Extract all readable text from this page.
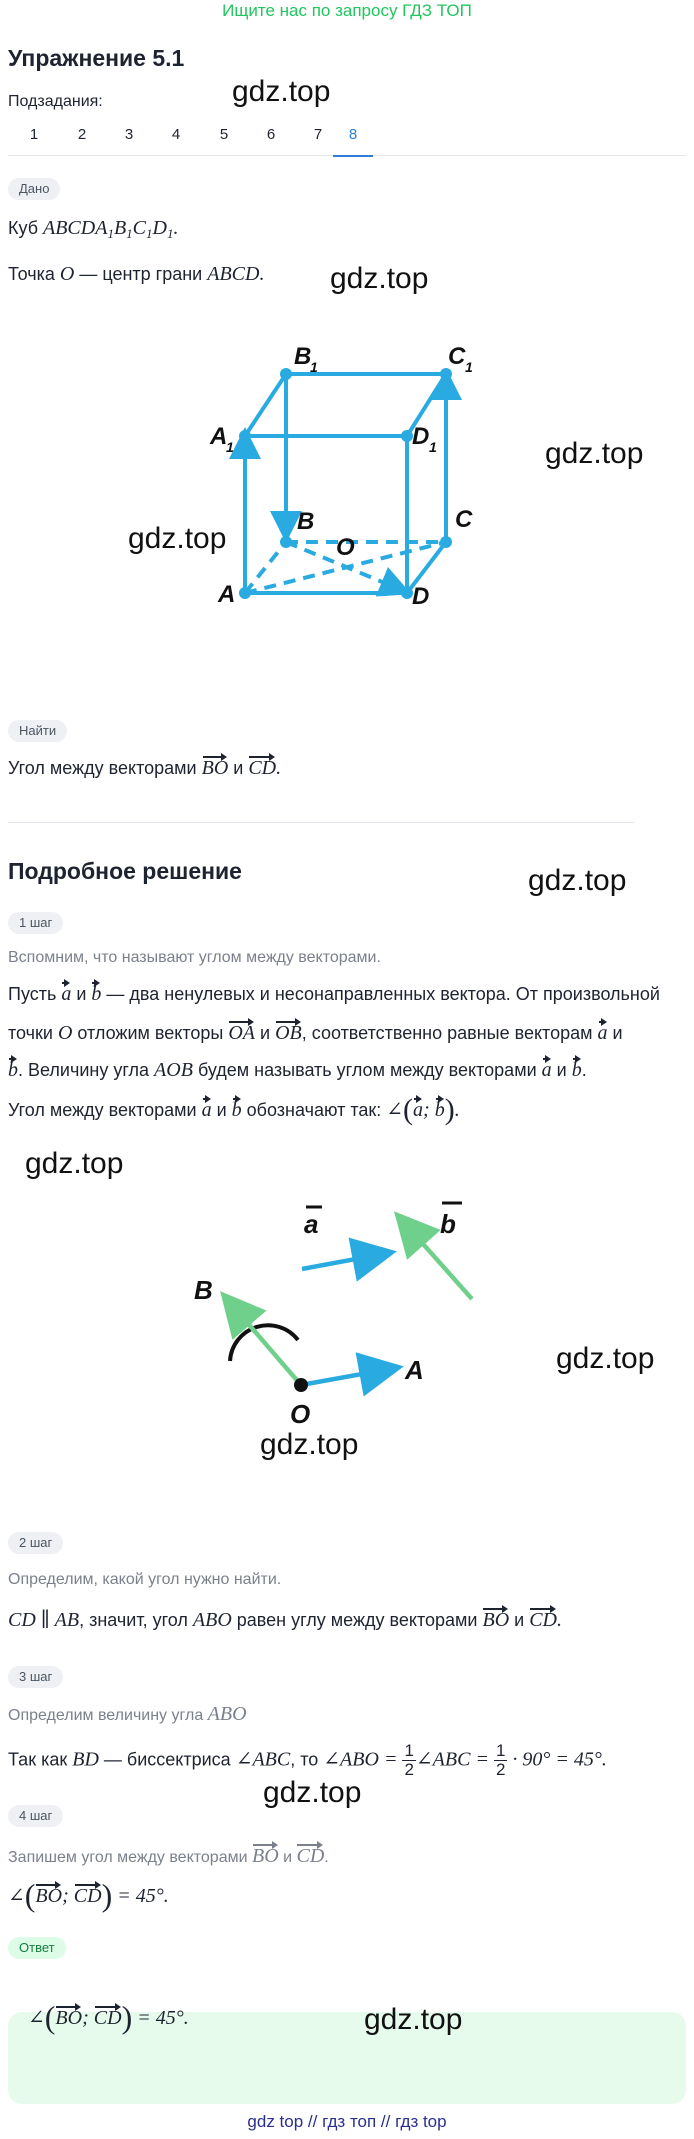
Ищите нас по запросу ГДЗ ТОП
Упражнение 5.1
Подзадания:	gdz.top
1	2	3	4	5	6	7	8
Дано
Куб $ABCDA_1B_1C_1D_1$.
Точка O — центр грани ABCD. gdz.top
A
B	C
D
A
1
B
1	C 1
D 1
O
gdz.top
gdz.top
Найти
Угол между векторами BO и CD.
Подробное решение	gdz.top
1 шаг
Вспомним, что называют углом между векторами.
Пусть a и b — два ненулевых и несонаправленных вектора. От произвольной
точки O отложим векторы OA и OB, соответственно равные векторам a и
b. Величину угла AOB будем называть углом между векторами a и b.
Угол между векторами a и b обозначают так: ∠(a; b).
gdz.top
a	b
B
A
O
gdz.top
gdz.top
2 шаг
Определим, какой угол нужно найти.
CD ∥ AB, значит, угол ABO равен углу между векторами BO и CD.
3 шаг
Определим величину угла ABO
Так как BD — биссектриса ∠ABC, то ∠ABO = $\frac{1}{2}$ ∠ABC = $\frac{1}{2} \cdot 90^\circ = 45^\circ$.
gdz.top
4 шаг
Запишем угол между векторами BO и CD.
∠(BO; CD) = 45°.
Ответ
∠(BO; CD) = 45°.	gdz.top
gdz top // гдз топ // гдз top
